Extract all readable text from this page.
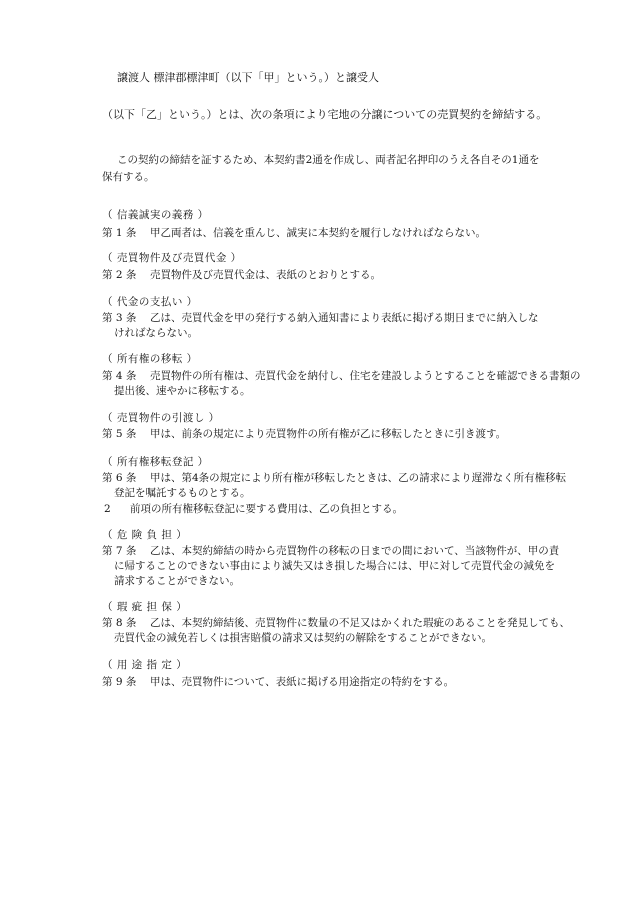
譲渡人 標津郡標津町（以下「甲」という。）と譲受人
（以下「乙」という。）とは、次の条項により宅地の分譲についての売買契約を締結する。
この契約の締結を証するため、本契約書2通を作成し、両者記名押印のうえ各自その1通を
保有する。
（ 信義誠実の義務 ）
第 1 条 甲乙両者は、信義を重んじ、誠実に本契約を履行しなければならない。
（ 売買物件及び売買代金 ）
第 2 条 売買物件及び売買代金は、表紙のとおりとする。
（ 代金の支払い ）
第 3 条 乙は、売買代金を甲の発行する納入通知書により表紙に掲げる期日までに納入しな
ければならない。
（ 所有権の移転 ）
第 4 条 売買物件の所有権は、売買代金を納付し、住宅を建設しようとすることを確認できる書類の
提出後、速やかに移転する。
（ 売買物件の引渡し ）
第 5 条 甲は、前条の規定により売買物件の所有権が乙に移転したときに引き渡す。
（ 所有権移転登記 ）
第 6 条 甲は、第4条の規定により所有権が移転したときは、乙の請求により遅滞なく所有権移転
登記を嘱託するものとする。
2 前項の所有権移転登記に要する費用は、乙の負担とする。
（ 危 険 負 担 ）
第 7 条 乙は、本契約締結の時から売買物件の移転の日までの間において、当該物件が、甲の責
に帰することのできない事由により滅失又はき損した場合には、甲に対して売買代金の減免を
請求することができない。
（ 瑕 疵 担 保 ）
第 8 条 乙は、本契約締結後、売買物件に数量の不足又はかくれた瑕疵のあることを発見しても、
売買代金の減免若しくは損害賠償の請求又は契約の解除をすることができない。
（ 用 途 指 定 ）
第 9 条 甲は、売買物件について、表紙に掲げる用途指定の特約をする。
